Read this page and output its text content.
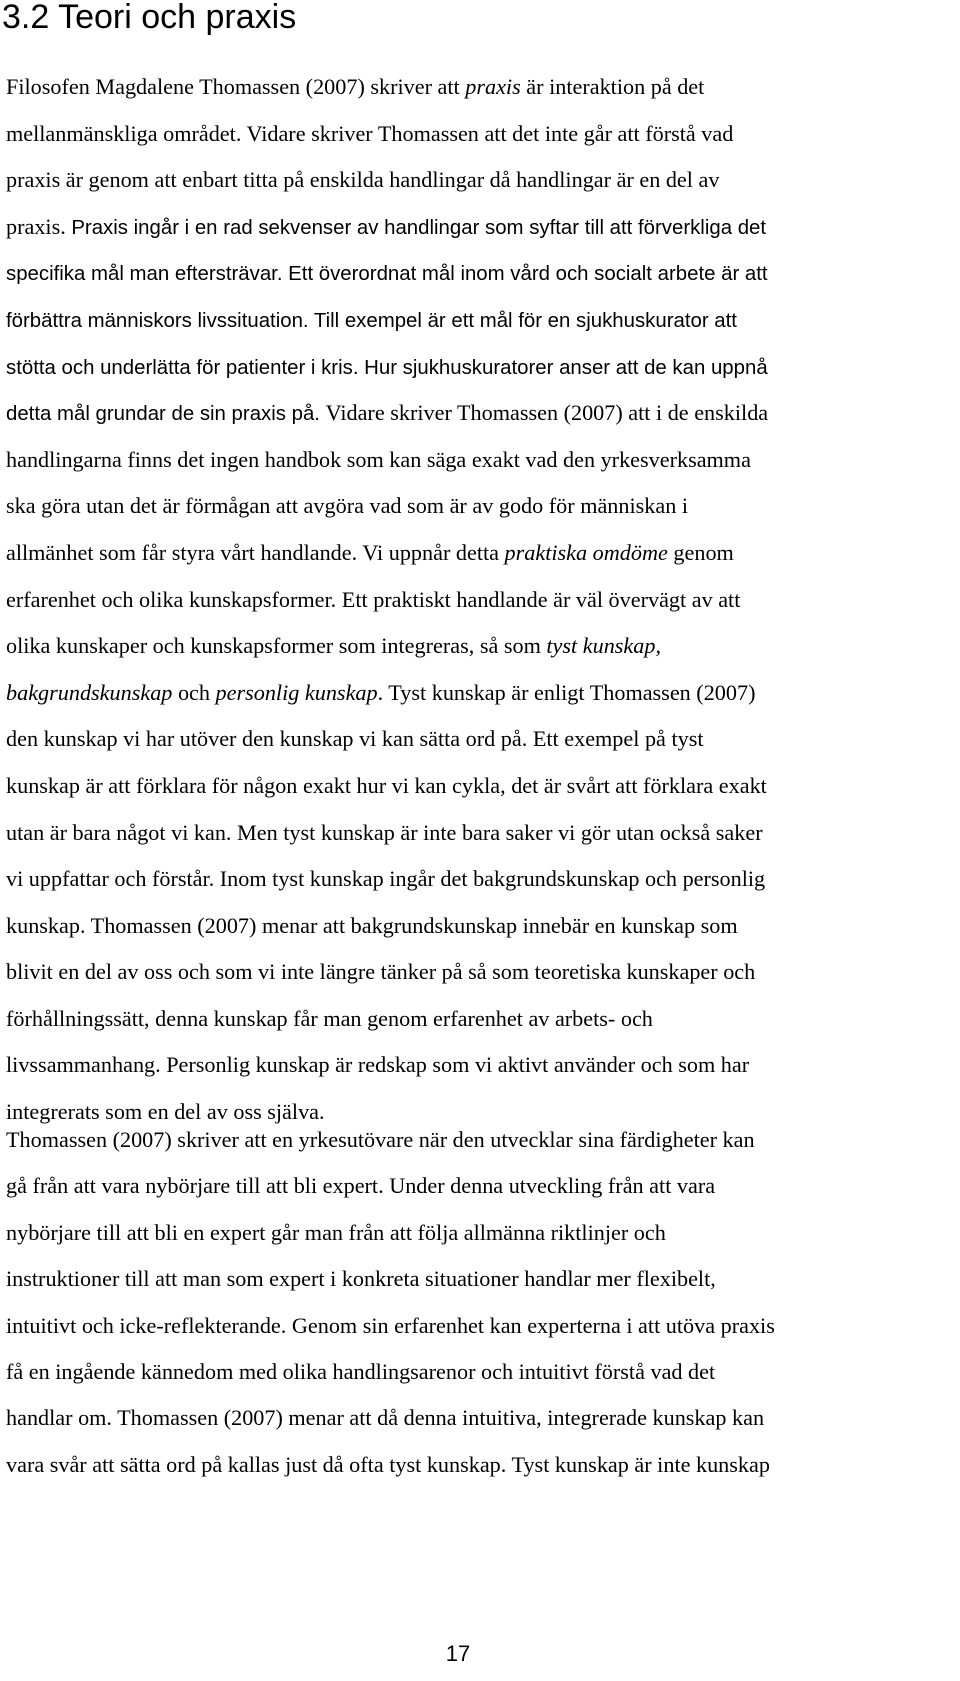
3.2 Teori och praxis
Filosofen Magdalene Thomassen (2007) skriver att praxis är interaktion på det
mellanmänskliga området. Vidare skriver Thomassen att det inte går att förstå vad
praxis är genom att enbart titta på enskilda handlingar då handlingar är en del av
praxis. Praxis ingår i en rad sekvenser av handlingar som syftar till att förverkliga det
specifika mål man eftersträvar. Ett överordnat mål inom vård och socialt arbete är att
förbättra människors livssituation. Till exempel är ett mål för en sjukhuskurator att
stötta och underlätta för patienter i kris. Hur sjukhuskuratorer anser att de kan uppnå
detta mål grundar de sin praxis på. Vidare skriver Thomassen (2007) att i de enskilda
handlingarna finns det ingen handbok som kan säga exakt vad den yrkesverksamma
ska göra utan det är förmågan att avgöra vad som är av godo för människan i
allmänhet som får styra vårt handlande. Vi uppnår detta praktiska omdöme genom
erfarenhet och olika kunskapsformer. Ett praktiskt handlande är väl övervägt av att
olika kunskaper och kunskapsformer som integreras, så som tyst kunskap,
bakgrundskunskap och personlig kunskap. Tyst kunskap är enligt Thomassen (2007)
den kunskap vi har utöver den kunskap vi kan sätta ord på. Ett exempel på tyst
kunskap är att förklara för någon exakt hur vi kan cykla, det är svårt att förklara exakt
utan är bara något vi kan. Men tyst kunskap är inte bara saker vi gör utan också saker
vi uppfattar och förstår. Inom tyst kunskap ingår det bakgrundskunskap och personlig
kunskap. Thomassen (2007) menar att bakgrundskunskap innebär en kunskap som
blivit en del av oss och som vi inte längre tänker på så som teoretiska kunskaper och
förhållningssätt, denna kunskap får man genom erfarenhet av arbets- och
livssammanhang. Personlig kunskap är redskap som vi aktivt använder och som har
integrerats som en del av oss själva.
Thomassen (2007) skriver att en yrkesutövare när den utvecklar sina färdigheter kan
gå från att vara nybörjare till att bli expert. Under denna utveckling från att vara
nybörjare till att bli en expert går man från att följa allmänna riktlinjer och
instruktioner till att man som expert i konkreta situationer handlar mer flexibelt,
intuitivt och icke-reflekterande. Genom sin erfarenhet kan experterna i att utöva praxis
få en ingående kännedom med olika handlingsarenor och intuitivt förstå vad det
handlar om. Thomassen (2007) menar att då denna intuitiva, integrerade kunskap kan
vara svår att sätta ord på kallas just då ofta tyst kunskap. Tyst kunskap är inte kunskap
17
